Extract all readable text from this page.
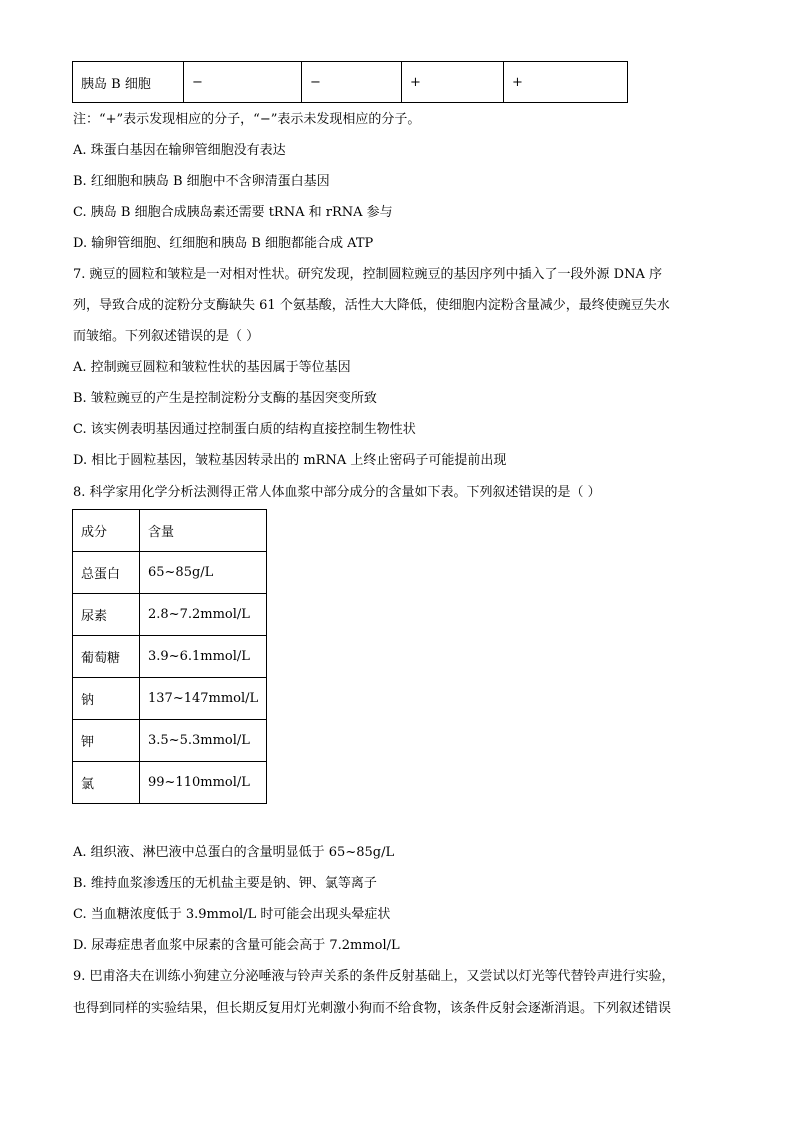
胰岛 B 细胞	−	−	+	+
注：“+”表示发现相应的分子，“−”表示未发现相应的分子。
A. 珠蛋白基因在输卵管细胞没有表达
B. 红细胞和胰岛 B 细胞中不含卵清蛋白基因
C. 胰岛 B 细胞合成胰岛素还需要 tRNA 和 rRNA 参与
D. 输卵管细胞、红细胞和胰岛 B 细胞都能合成 ATP
7. 豌豆的圆粒和皱粒是一对相对性状。研究发现，控制圆粒豌豆的基因序列中插入了一段外源 DNA 序
列，导致合成的淀粉分支酶缺失 61 个氨基酸，活性大大降低，使细胞内淀粉含量减少，最终使豌豆失水
而皱缩。下列叙述错误的是（ ）
A. 控制豌豆圆粒和皱粒性状的基因属于等位基因
B. 皱粒豌豆的产生是控制淀粉分支酶的基因突变所致
C. 该实例表明基因通过控制蛋白质的结构直接控制生物性状
D. 相比于圆粒基因，皱粒基因转录出的 mRNA 上终止密码子可能提前出现
8. 科学家用化学分析法测得正常人体血浆中部分成分的含量如下表。下列叙述错误的是（ ）
成分	含量
总蛋白	65~85g/L
尿素	2.8~7.2mmol/L
葡萄糖	3.9~6.1mmol/L
钠	137~147mmol/L
钾	3.5~5.3mmol/L
氯	99~110mmol/L
A. 组织液、淋巴液中总蛋白的含量明显低于 65~85g/L
B. 维持血浆渗透压的无机盐主要是钠、钾、氯等离子
C. 当血糖浓度低于 3.9mmol/L 时可能会出现头晕症状
D. 尿毒症患者血浆中尿素的含量可能会高于 7.2mmol/L
9. 巴甫洛夫在训练小狗建立分泌唾液与铃声关系的条件反射基础上，又尝试以灯光等代替铃声进行实验，
也得到同样的实验结果，但长期反复用灯光刺激小狗而不给食物，该条件反射会逐渐消退。下列叙述错误
